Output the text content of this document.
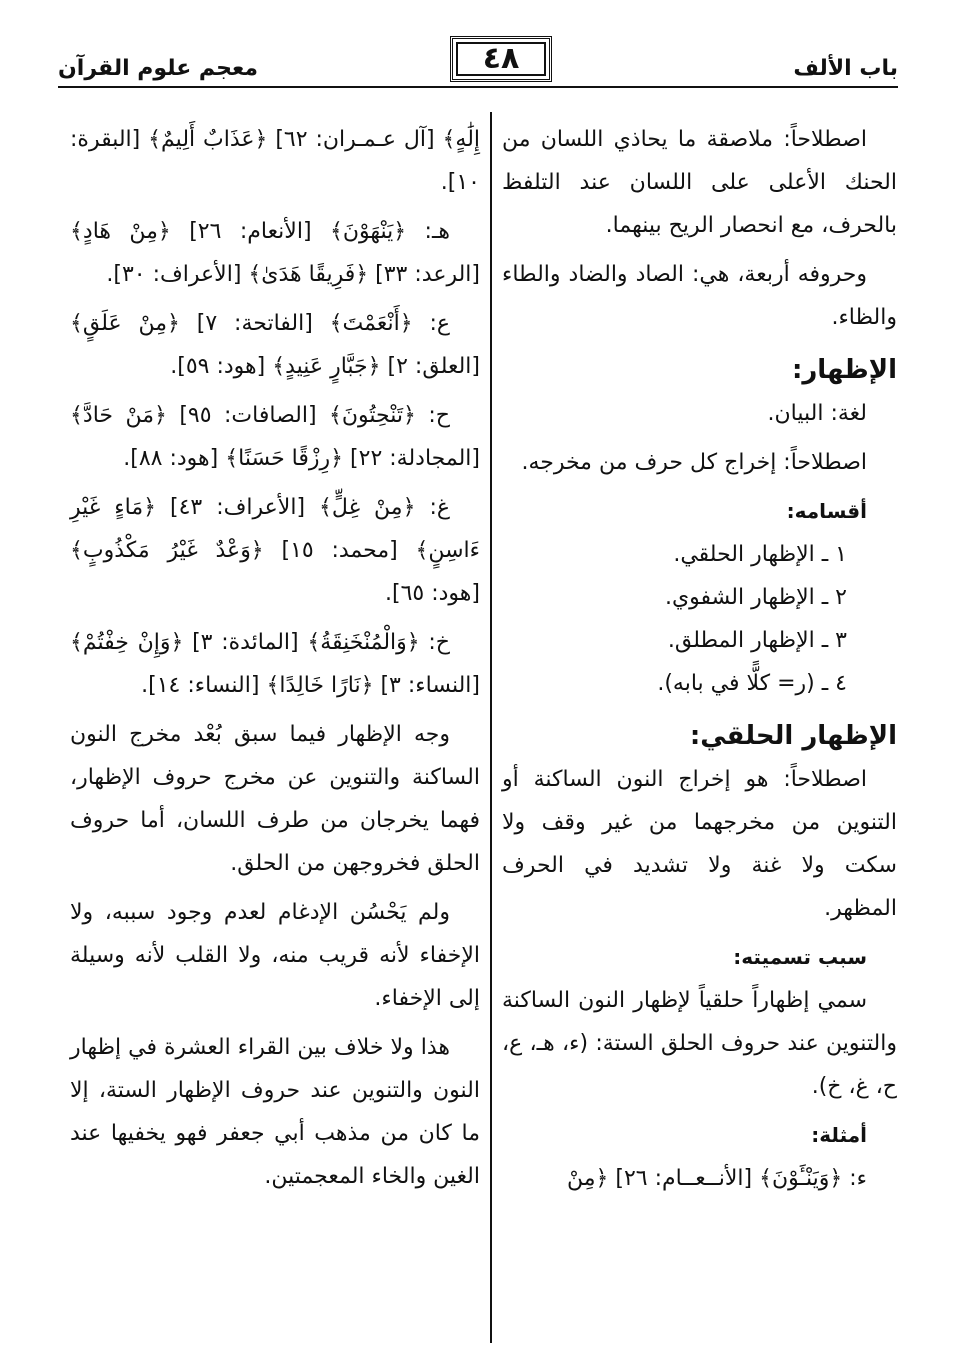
باب الألف
٤٨
معجم علوم القرآن

اصطلاحاً: ملاصقة ما يحاذي اللسان من الحنك الأعلى على اللسان عند التلفظ بالحرف، مع انحصار الريح بينهما.

وحروفه أربعة، هي: الصاد والضاد والطاء والظاء.

الإظهار:

لغة: البيان.

اصطلاحاً: إخراج كل حرف من مخرجه.

أقسامه:
١ ـ الإظهار الحلقي.
٢ ـ الإظهار الشفوي.
٣ ـ الإظهار المطلق.
٤ ـ (ر= كلًّا في بابه).
الإظهار الحلقي:

اصطلاحاً: هو إخراج النون الساكنة أو التنوين من مخرجهما من غير وقف ولا سكت ولا غنة ولا تشديد في الحرف المظهر.

سبب تسميته:

سمي إظهاراً حلقياً لإظهار النون الساكنة والتنوين عند حروف الحلق الستة: (ء، هـ، ع، ح، غ، خ).

أمثلة:

ء: ﴿وَيَنْـَٔوْنَ﴾ [الأنــعــام: ٢٦] ﴿مِنْ

إِلَٰهٍ﴾ [آل عـمـران: ٦٢] ﴿عَذَابٌ أَلِيمٌ﴾ [البقرة: ١٠].

هـ: ﴿يَنْهَوْنَ﴾ [الأنعام: ٢٦] ﴿مِنْ هَادٍ﴾ [الرعد: ٣٣] ﴿فَرِيقًا هَدَىٰ﴾ [الأعراف: ٣٠].

ع: ﴿أَنْعَمْتَ﴾ [الفاتحة: ٧] ﴿مِنْ عَلَقٍ﴾ [العلق: ٢] ﴿جَبَّارٍ عَنِيدٍ﴾ [هود: ٥٩].

ح: ﴿تَنْحِتُونَ﴾ [الصافات: ٩٥] ﴿مَنْ حَادَّ﴾ [المجادلة: ٢٢] ﴿رِزْقًا حَسَنًا﴾ [هود: ٨٨].

غ: ﴿مِنْ غِلٍّ﴾ [الأعراف: ٤٣] ﴿مَاءٍ غَيْرِ ءَاسِنٍ﴾ [محمد: ١٥] ﴿وَعْدٌ غَيْرُ مَكْذُوبٍ﴾ [هود: ٦٥].

خ: ﴿وَالْمُنْخَنِقَةُ﴾ [المائدة: ٣] ﴿وَإِنْ خِفْتُمْ﴾ [النساء: ٣] ﴿نَارًا خَالِدًا﴾ [النساء: ١٤].

وجه الإظهار فيما سبق بُعْد مخرج النون الساكنة والتنوين عن مخرج حروف الإظهار، فهما يخرجان من طرف اللسان، أما حروف الحلق فخروجهن من الحلق.

ولم يَحْسُن الإدغام لعدم وجود سببه، ولا الإخفاء لأنه قريب منه، ولا القلب لأنه وسيلة إلى الإخفاء.

هذا ولا خلاف بين القراء العشرة في إظهار النون والتنوين عند حروف الإظهار الستة، إلا ما كان من مذهب أبي جعفر فهو يخفيها عند الغين والخاء المعجمتين.
